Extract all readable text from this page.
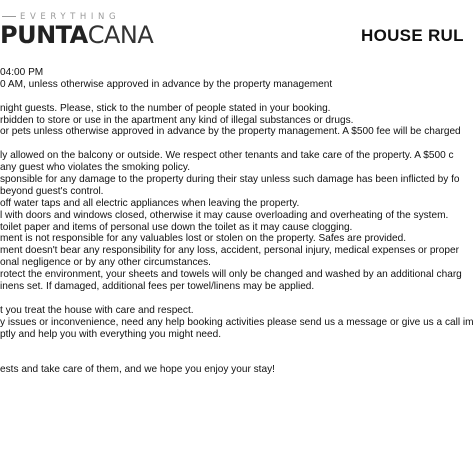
EVERYTHING
PUNTACANA	HOUSE RUL
04:00 PM
0 AM, unless otherwise approved in advance by the property management
night guests. Please, stick to the number of people stated in your booking.
rbidden to store or use in the apartment any kind of illegal substances or drugs.
or pets unless otherwise approved in advance by the property management. A $500 fee will be charged
ly allowed on the balcony or outside. We respect other tenants and take care of the property. A $500 c
any guest who violates the smoking policy.
sponsible for any damage to the property during their stay unless such damage has been inflicted by fo
beyond guest's control.
off water taps and all electric appliances when leaving the property.
l with doors and windows closed, otherwise it may cause overloading and overheating of the system.
toilet paper and items of personal use down the toilet as it may cause clogging.
ment is not responsible for any valuables lost or stolen on the property. Safes are provided.
ment doesn't bear any responsibility for any loss, accident, personal injury, medical expenses or proper
onal negligence or by any other circumstances.
rotect the environment, your sheets and towels will only be changed and washed by an additional charg
inens set. If damaged, additional fees per towel/linens may be applied.
t you treat the house with care and respect.
y issues or inconvenience, need any help booking activities please send us a message or give us a call im
ptly and help you with everything you might need.
ests and take care of them, and we hope you enjoy your stay!
